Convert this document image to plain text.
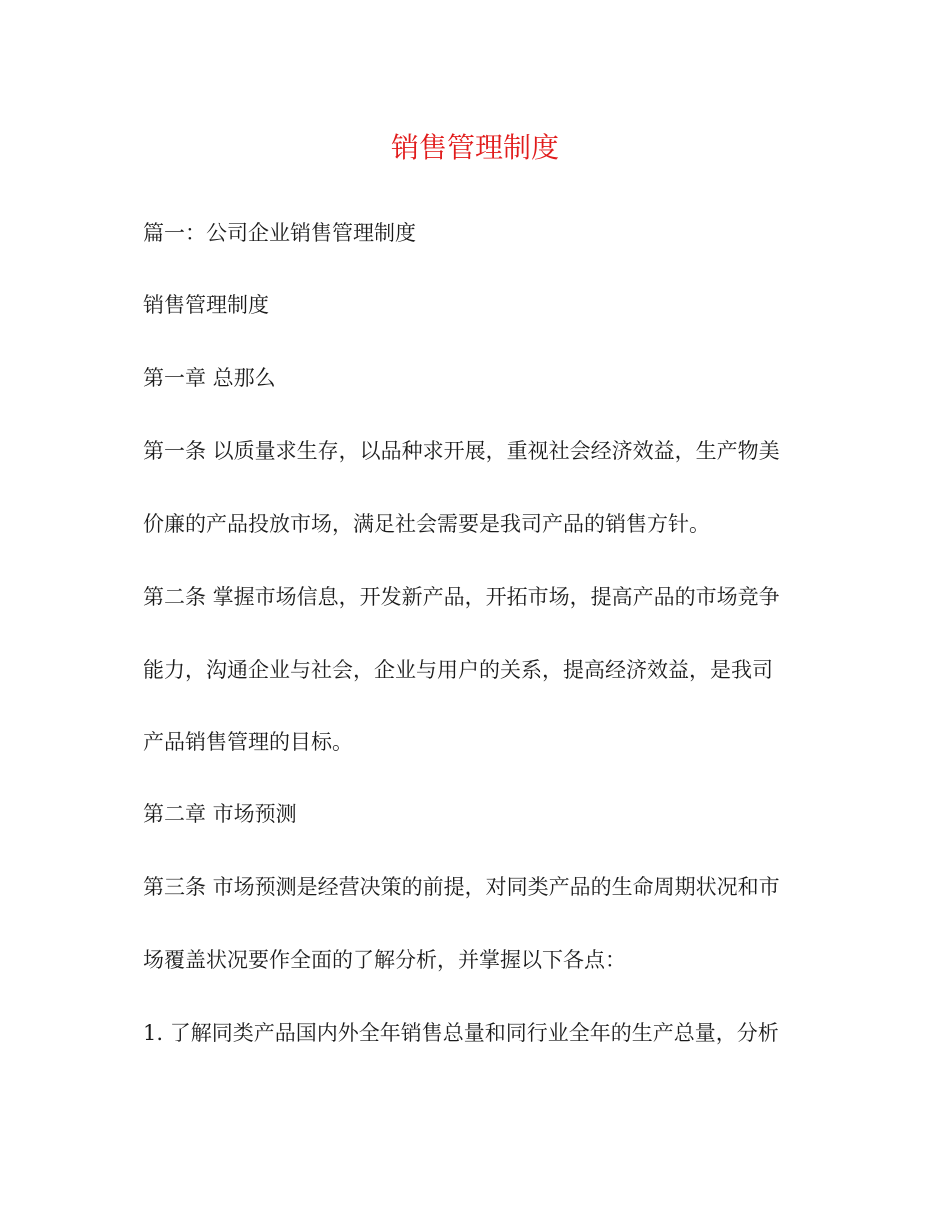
销售管理制度
篇一：公司企业销售管理制度
销售管理制度
第一章 总那么
第一条 以质量求生存，以品种求开展，重视社会经济效益，生产物美
价廉的产品投放市场，满足社会需要是我司产品的销售方针。
第二条 掌握市场信息，开发新产品，开拓市场，提高产品的市场竞争
能力，沟通企业与社会，企业与用户的关系，提高经济效益，是我司
产品销售管理的目标。
第二章 市场预测
第三条 市场预测是经营决策的前提，对同类产品的生命周期状况和市
场覆盖状况要作全面的了解分析，并掌握以下各点：
1. 了解同类产品国内外全年销售总量和同行业全年的生产总量，分析
